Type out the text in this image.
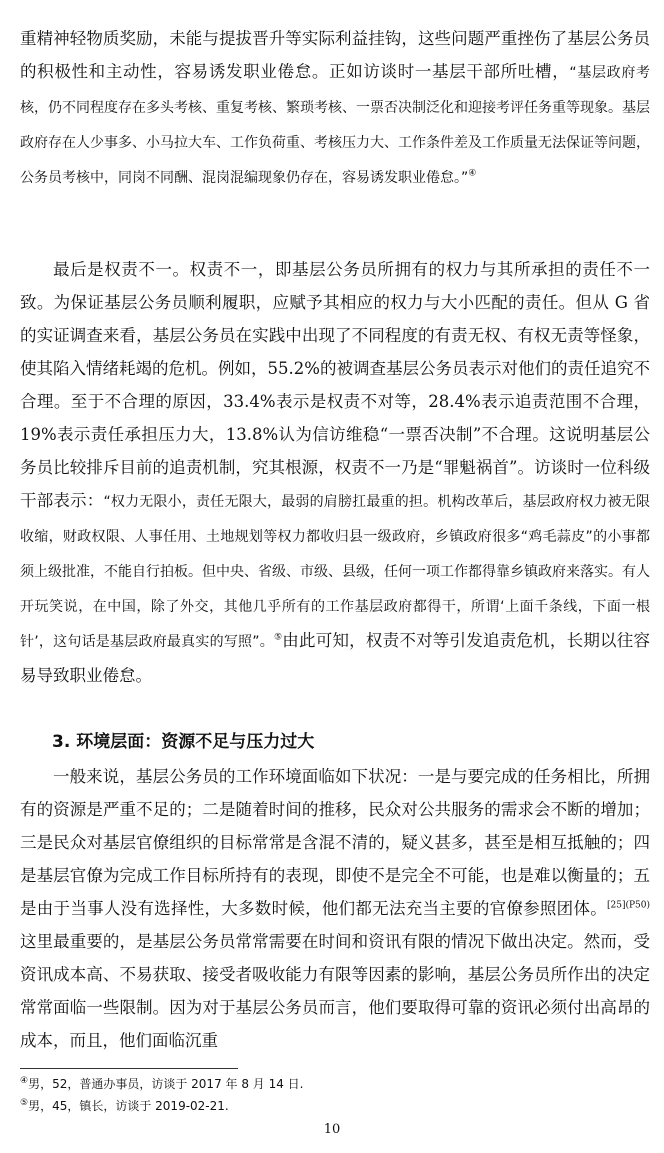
重精神轻物质奖励，未能与提拔晋升等实际利益挂钩，这些问题严重挫伤了基层公务员的积极性和主动性，容易诱发职业倦怠。正如访谈时一基层干部所吐槽，“基层政府考核，仍不同程度存在多头考核、重复考核、繁琐考核、一票否决制泛化和迎接考评任务重等现象。基层政府存在人少事多、小马拉大车、工作负荷重、考核压力大、工作条件差及工作质量无法保证等问题，公务员考核中，同岗不同酬、混岗混编现象仍存在，容易诱发职业倦怠。”④

最后是权责不一。权责不一，即基层公务员所拥有的权力与其所承担的责任不一致。为保证基层公务员顺利履职，应赋予其相应的权力与大小匹配的责任。但从 G 省的实证调查来看，基层公务员在实践中出现了不同程度的有责无权、有权无责等怪象，使其陷入情绪耗竭的危机。例如，55.2%的被调查基层公务员表示对他们的责任追究不合理。至于不合理的原因，33.4%表示是权责不对等，28.4%表示追责范围不合理，19%表示责任承担压力大，13.8%认为信访维稳“一票否决制”不合理。这说明基层公务员比较排斥目前的追责机制，究其根源，权责不一乃是“罪魁祸首”。访谈时一位科级干部表示：“权力无限小，责任无限大，最弱的肩膀扛最重的担。机构改革后，基层政府权力被无限收缩，财政权限、人事任用、土地规划等权力都收归县一级政府，乡镇政府很多“鸡毛蒜皮”的小事都须上级批准，不能自行拍板。但中央、省级、市级、县级，任何一项工作都得靠乡镇政府来落实。有人开玩笑说，在中国，除了外交，其他几乎所有的工作基层政府都得干，所谓‘上面千条线，下面一根针’，这句话是基层政府最真实的写照”。⑤由此可知，权责不对等引发追责危机，长期以往容易导致职业倦怠。

3. 环境层面：资源不足与压力过大

一般来说，基层公务员的工作环境面临如下状况：一是与要完成的任务相比，所拥有的资源是严重不足的；二是随着时间的推移，民众对公共服务的需求会不断的增加；三是民众对基层官僚组织的目标常常是含混不清的，疑义甚多，甚至是相互抵触的；四是基层官僚为完成工作目标所持有的表现，即使不是完全不可能，也是难以衡量的；五是由于当事人没有选择性，大多数时候，他们都无法充当主要的官僚参照团体。$^{[25](P50)}$这里最重要的，是基层公务员常常需要在时间和资讯有限的情况下做出决定。然而，受资讯成本高、不易获取、接受者吸收能力有限等因素的影响，基层公务员所作出的决定常常面临一些限制。因为对于基层公务员而言，他们要取得可靠的资讯必须付出高昂的成本，而且，他们面临沉重

④男，52，普通办事员，访谈于 2017 年 8 月 14 日.

⑤男，45，镇长，访谈于 2019-02-21.

10
